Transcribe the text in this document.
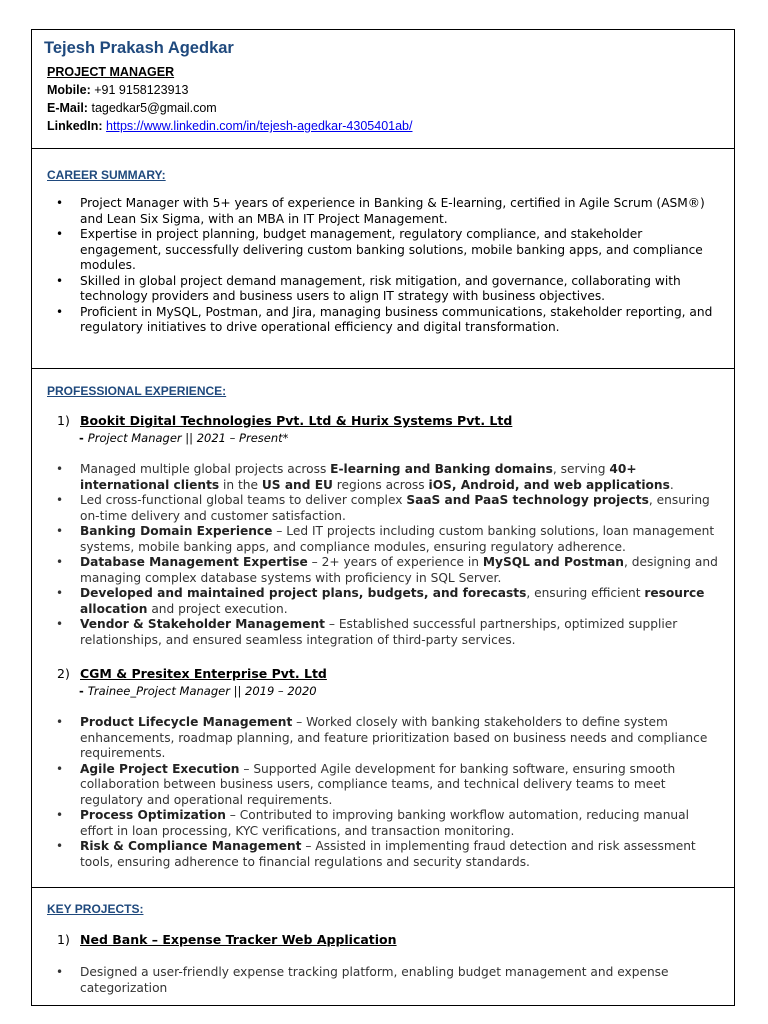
Tejesh Prakash Agedkar
PROJECT MANAGER
Mobile: +91 9158123913
E-Mail: tagedkar5@gmail.com
LinkedIn: https://www.linkedin.com/in/tejesh-agedkar-4305401ab/
CAREER SUMMARY:
• Project Manager with 5+ years of experience in Banking & E-learning, certified in Agile Scrum (ASM®) and Lean Six Sigma, with an MBA in IT Project Management.
• Expertise in project planning, budget management, regulatory compliance, and stakeholder engagement, successfully delivering custom banking solutions, mobile banking apps, and compliance modules.
• Skilled in global project demand management, risk mitigation, and governance, collaborating with technology providers and business users to align IT strategy with business objectives.
• Proficient in MySQL, Postman, and Jira, managing business communications, stakeholder reporting, and regulatory initiatives to drive operational efficiency and digital transformation.
PROFESSIONAL EXPERIENCE:
1) Bookit Digital Technologies Pvt. Ltd & Hurix Systems Pvt. Ltd
- Project Manager || 2021 – Present*
• Managed multiple global projects across E-learning and Banking domains, serving 40+ international clients in the US and EU regions across iOS, Android, and web applications.
• Led cross-functional global teams to deliver complex SaaS and PaaS technology projects, ensuring on-time delivery and customer satisfaction.
• Banking Domain Experience – Led IT projects including custom banking solutions, loan management systems, mobile banking apps, and compliance modules, ensuring regulatory adherence.
• Database Management Expertise – 2+ years of experience in MySQL and Postman, designing and managing complex database systems with proficiency in SQL Server.
• Developed and maintained project plans, budgets, and forecasts, ensuring efficient resource allocation and project execution.
• Vendor & Stakeholder Management – Established successful partnerships, optimized supplier relationships, and ensured seamless integration of third-party services.
2) CGM & Presitex Enterprise Pvt. Ltd
- Trainee_Project Manager || 2019 – 2020
• Product Lifecycle Management – Worked closely with banking stakeholders to define system enhancements, roadmap planning, and feature prioritization based on business needs and compliance requirements.
• Agile Project Execution – Supported Agile development for banking software, ensuring smooth collaboration between business users, compliance teams, and technical delivery teams to meet regulatory and operational requirements.
• Process Optimization – Contributed to improving banking workflow automation, reducing manual effort in loan processing, KYC verifications, and transaction monitoring.
• Risk & Compliance Management – Assisted in implementing fraud detection and risk assessment tools, ensuring adherence to financial regulations and security standards.
KEY PROJECTS:
1) Ned Bank – Expense Tracker Web Application
• Designed a user-friendly expense tracking platform, enabling budget management and expense categorization
